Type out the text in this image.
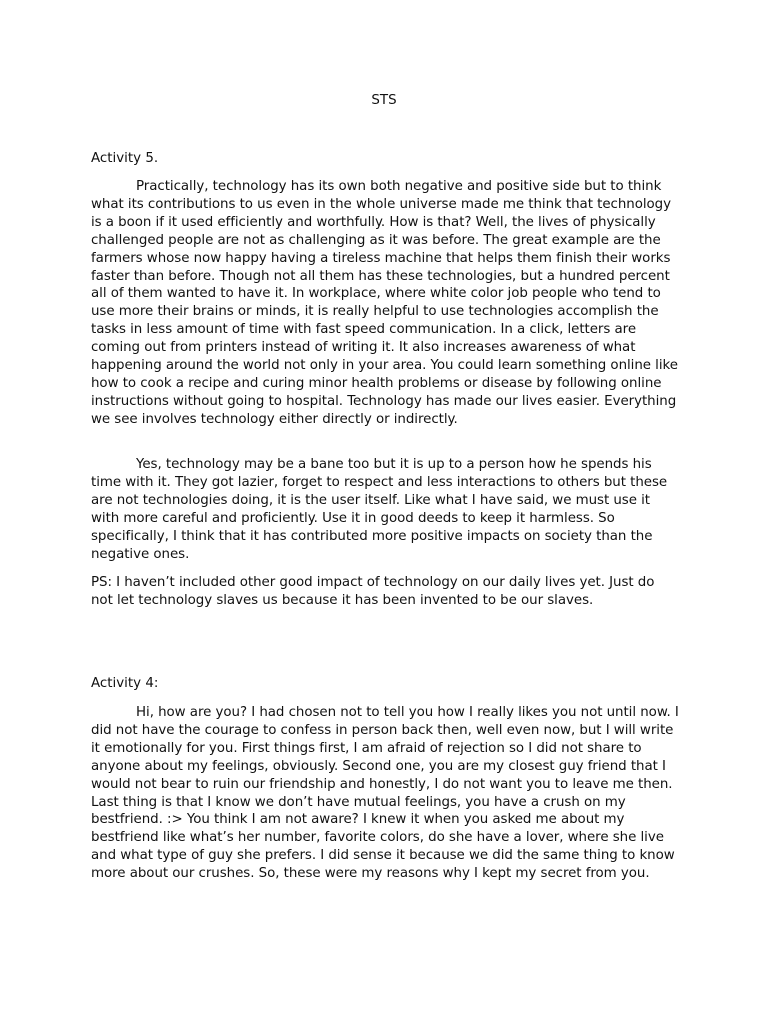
STS

Activity 5.

Practically, technology has its own both negative and positive side but to think what its contributions to us even in the whole universe made me think that technology is a boon if it used efficiently and worthfully. How is that? Well, the lives of physically challenged people are not as challenging as it was before. The great example are the farmers whose now happy having a tireless machine that helps them finish their works faster than before. Though not all them has these technologies, but a hundred percent all of them wanted to have it. In workplace, where white color job people who tend to use more their brains or minds, it is really helpful to use technologies accomplish the tasks in less amount of time with fast speed communication. In a click, letters are coming out from printers instead of writing it. It also increases awareness of what happening around the world not only in your area. You could learn something online like how to cook a recipe and curing minor health problems or disease by following online instructions without going to hospital. Technology has made our lives easier. Everything we see involves technology either directly or indirectly.

Yes, technology may be a bane too but it is up to a person how he spends his time with it. They got lazier, forget to respect and less interactions to others but these are not technologies doing, it is the user itself. Like what I have said, we must use it with more careful and proficiently. Use it in good deeds to keep it harmless. So specifically, I think that it has contributed more positive impacts on society than the negative ones.

PS: I haven’t included other good impact of technology on our daily lives yet. Just do not let technology slaves us because it has been invented to be our slaves.

Activity 4:

Hi, how are you? I had chosen not to tell you how I really likes you not until now. I did not have the courage to confess in person back then, well even now, but I will write it emotionally for you. First things first, I am afraid of rejection so I did not share to anyone about my feelings, obviously. Second one, you are my closest guy friend that I would not bear to ruin our friendship and honestly, I do not want you to leave me then. Last thing is that I know we don’t have mutual feelings, you have a crush on my bestfriend. :> You think I am not aware? I knew it when you asked me about my bestfriend like what’s her number, favorite colors, do she have a lover, where she live and what type of guy she prefers. I did sense it because we did the same thing to know more about our crushes. So, these were my reasons why I kept my secret from you.
